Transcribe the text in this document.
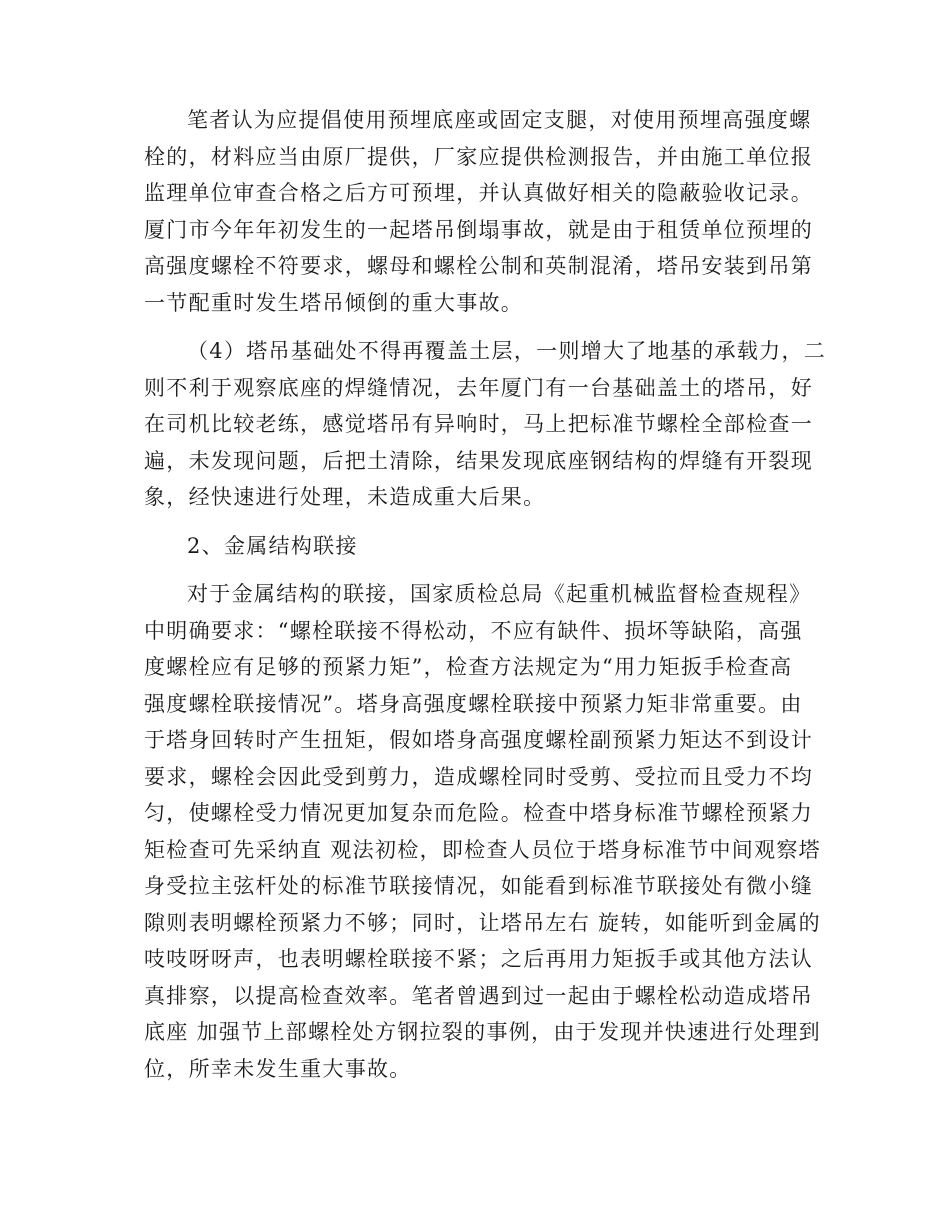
笔者认为应提倡使用预埋底座或固定支腿，对使用预埋高强度螺
栓的，材料应当由原厂提供，厂家应提供检测报告，并由施工单位报
监理单位审查合格之后方可预埋，并认真做好相关的隐蔽验收记录。
厦门市今年年初发生的一起塔吊倒塌事故，就是由于租赁单位预埋的
高强度螺栓不符要求，螺母和螺栓公制和英制混淆，塔吊安装到吊第
一节配重时发生塔吊倾倒的重大事故。
（4）塔吊基础处不得再覆盖土层，一则增大了地基的承载力，二
则不利于观察底座的焊缝情况，去年厦门有一台基础盖土的塔吊，好
在司机比较老练，感觉塔吊有异响时，马上把标准节螺栓全部检查一
遍，未发现问题，后把土清除，结果发现底座钢结构的焊缝有开裂现
象，经快速进行处理，未造成重大后果。
2、金属结构联接
对于金属结构的联接，国家质检总局《起重机械监督检查规程》
中明确要求：“螺栓联接不得松动，不应有缺件、损坏等缺陷，高强
度螺栓应有足够的预紧力矩”，检查方法规定为“用力矩扳手检查高
强度螺栓联接情况”。塔身高强度螺栓联接中预紧力矩非常重要。由
于塔身回转时产生扭矩，假如塔身高强度螺栓副预紧力矩达不到设计
要求，螺栓会因此受到剪力，造成螺栓同时受剪、受拉而且受力不均
匀，使螺栓受力情况更加复杂而危险。检查中塔身标准节螺栓预紧力
矩检查可先采纳直 观法初检，即检查人员位于塔身标准节中间观察塔
身受拉主弦杆处的标准节联接情况，如能看到标准节联接处有微小缝
隙则表明螺栓预紧力不够；同时，让塔吊左右 旋转，如能听到金属的
吱吱呀呀声，也表明螺栓联接不紧；之后再用力矩扳手或其他方法认
真排察，以提高检查效率。笔者曾遇到过一起由于螺栓松动造成塔吊
底座 加强节上部螺栓处方钢拉裂的事例，由于发现并快速进行处理到
位，所幸未发生重大事故。
